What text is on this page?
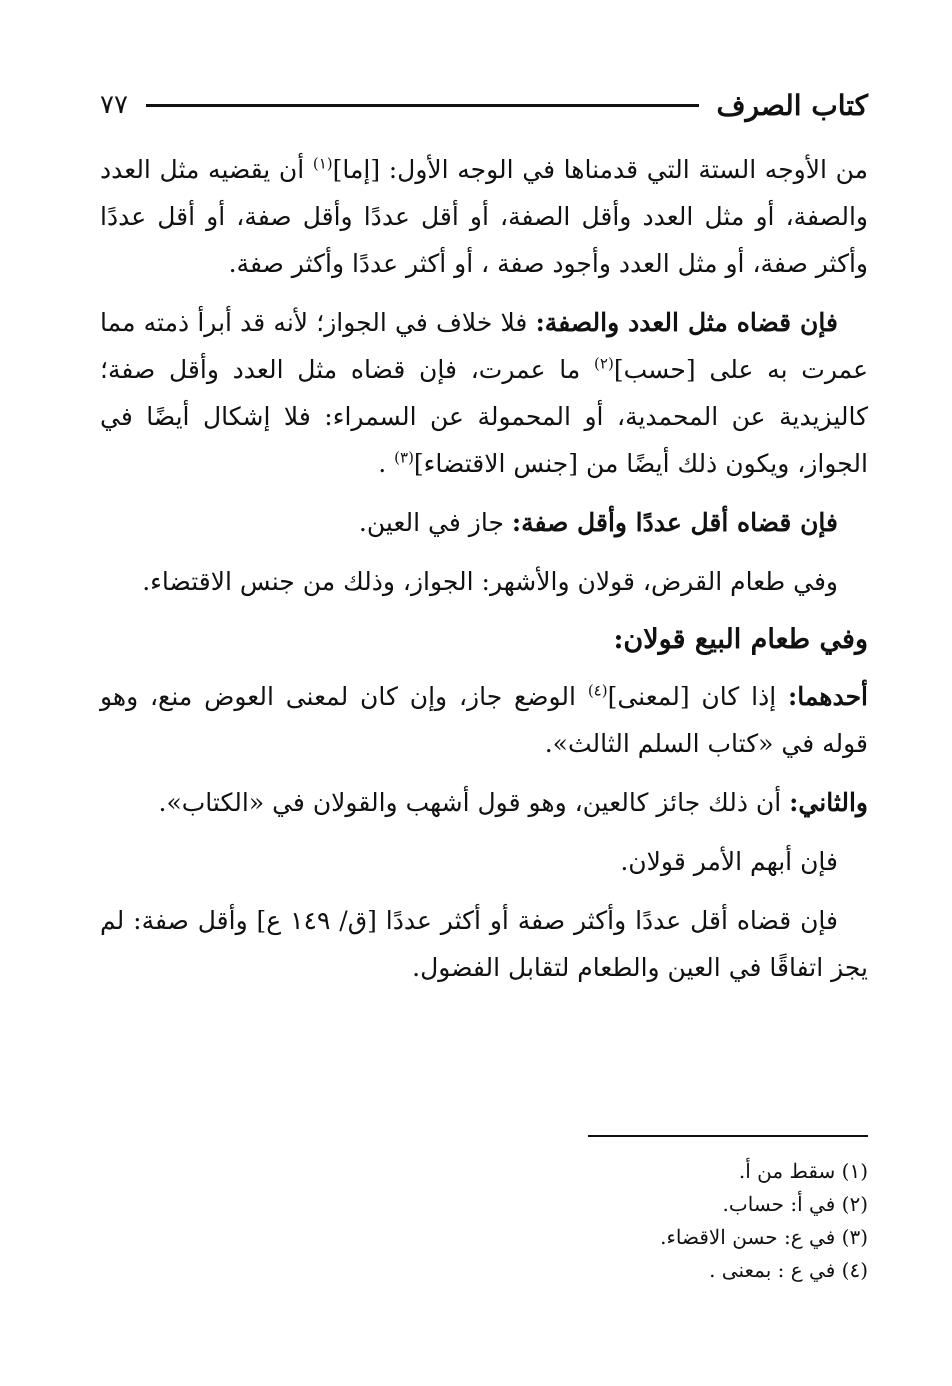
كتاب الصرف
٧٧

من الأوجه الستة التي قدمناها في الوجه الأول: [إما]$^{(١)}$ أن يقضيه مثل العدد والصفة، أو مثل العدد وأقل الصفة، أو أقل عددًا وأقل صفة، أو أقل عددًا وأكثر صفة، أو مثل العدد وأجود صفة ، أو أكثر عددًا وأكثر صفة.

فإن قضاه مثل العدد والصفة: فلا خلاف في الجواز؛ لأنه قد أبرأ ذمته مما عمرت به على [حسب]$^{(٢)}$ ما عمرت، فإن قضاه مثل العدد وأقل صفة؛ كاليزيدية عن المحمدية، أو المحمولة عن السمراء: فلا إشكال أيضًا في الجواز، ويكون ذلك أيضًا من [جنس الاقتضاء]$^{(٣)}$ .

فإن قضاه أقل عددًا وأقل صفة: جاز في العين.

وفي طعام القرض، قولان والأشهر: الجواز، وذلك من جنس الاقتضاء.

وفي طعام البيع قولان:

أحدهما: إذا كان [لمعنى]$^{(٤)}$ الوضع جاز، وإن كان لمعنى العوض منع، وهو قوله في «كتاب السلم الثالث».

والثاني: أن ذلك جائز كالعين، وهو قول أشهب والقولان في «الكتاب».

فإن أبهم الأمر قولان.

فإن قضاه أقل عددًا وأكثر صفة أو أكثر عددًا [ق/ ١٤٩ ع] وأقل صفة: لم يجز اتفاقًا في العين والطعام لتقابل الفضول.

(١) سقط من أ.

(٢) في أ: حساب.

(٣) في ع: حسن الاقضاء.

(٤) في ع : بمعنى .
